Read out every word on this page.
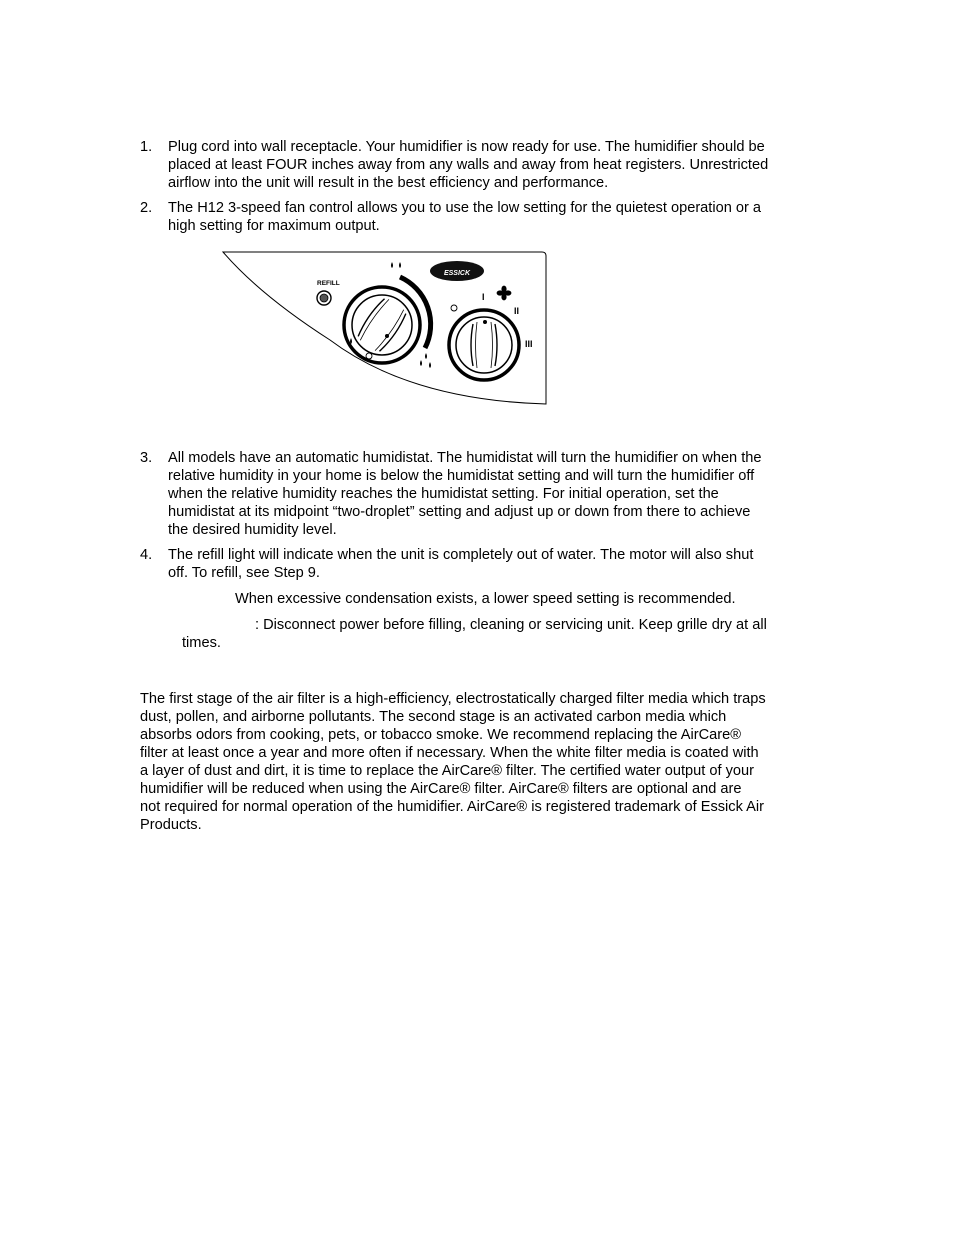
1. Plug cord into wall receptacle. Your humidifier is now ready for use. The humidifier should be
placed at least FOUR inches away from any walls and away from heat registers. Unrestricted
airflow into the unit will result in the best efficiency and performance.
2. The H12 3-speed fan control allows you to use the low setting for the quietest operation or a
high setting for maximum output.
REFILL
ESSICK
I
II
III
3. All models have an automatic humidistat. The humidistat will turn the humidifier on when the
relative humidity in your home is below the humidistat setting and will turn the humidifier off
when the relative humidity reaches the humidistat setting. For initial operation, set the
humidistat at its midpoint “two-droplet” setting and adjust up or down from there to achieve
the desired humidity level.
4. The refill light will indicate when the unit is completely out of water. The motor will also shut
off. To refill, see Step 9.
When excessive condensation exists, a lower speed setting is recommended.
: Disconnect power before filling, cleaning or servicing unit. Keep grille dry at all
times.
The first stage of the air filter is a high-efficiency, electrostatically charged filter media which traps
dust, pollen, and airborne pollutants. The second stage is an activated carbon media which
absorbs odors from cooking, pets, or tobacco smoke. We recommend replacing the AirCare®
filter at least once a year and more often if necessary. When the white filter media is coated with
a layer of dust and dirt, it is time to replace the AirCare® filter. The certified water output of your
humidifier will be reduced when using the AirCare® filter. AirCare® filters are optional and are
not required for normal operation of the humidifier. AirCare® is registered trademark of Essick Air
Products.
